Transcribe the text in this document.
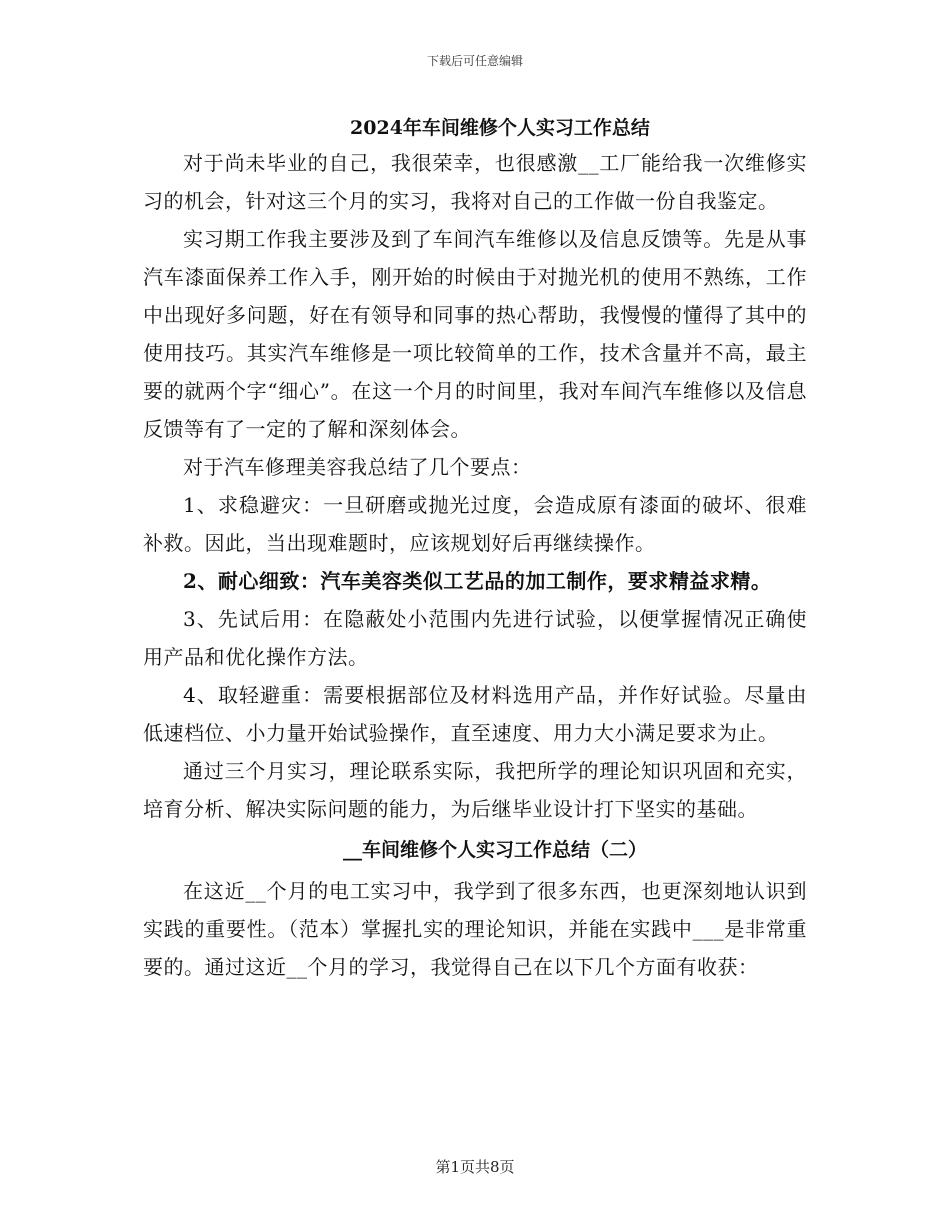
下载后可任意编辑
2024年车间维修个人实习工作总结

对于尚未毕业的自己，我很荣幸，也很感激__工厂能给我一次维修实习的机会，针对这三个月的实习，我将对自己的工作做一份自我鉴定。

实习期工作我主要涉及到了车间汽车维修以及信息反馈等。先是从事汽车漆面保养工作入手，刚开始的时候由于对抛光机的使用不熟练，工作中出现好多问题，好在有领导和同事的热心帮助，我慢慢的懂得了其中的使用技巧。其实汽车维修是一项比较简单的工作，技术含量并不高，最主要的就两个字“细心”。在这一个月的时间里，我对车间汽车维修以及信息反馈等有了一定的了解和深刻体会。

对于汽车修理美容我总结了几个要点：

1、求稳避灾：一旦研磨或抛光过度，会造成原有漆面的破坏、很难补救。因此，当出现难题时，应该规划好后再继续操作。

2、耐心细致：汽车美容类似工艺品的加工制作，要求精益求精。

3、先试后用：在隐蔽处小范围内先进行试验，以便掌握情况正确使用产品和优化操作方法。

4、取轻避重：需要根据部位及材料选用产品，并作好试验。尽量由低速档位、小力量开始试验操作，直至速度、用力大小满足要求为止。

通过三个月实习，理论联系实际，我把所学的理论知识巩固和充实，培育分析、解决实际问题的能力，为后继毕业设计打下坚实的基础。

__车间维修个人实习工作总结（二）

在这近__个月的电工实习中，我学到了很多东西，也更深刻地认识到实践的重要性。（范本）掌握扎实的理论知识，并能在实践中___是非常重要的。通过这近__个月的学习，我觉得自己在以下几个方面有收获：

第1页共8页
